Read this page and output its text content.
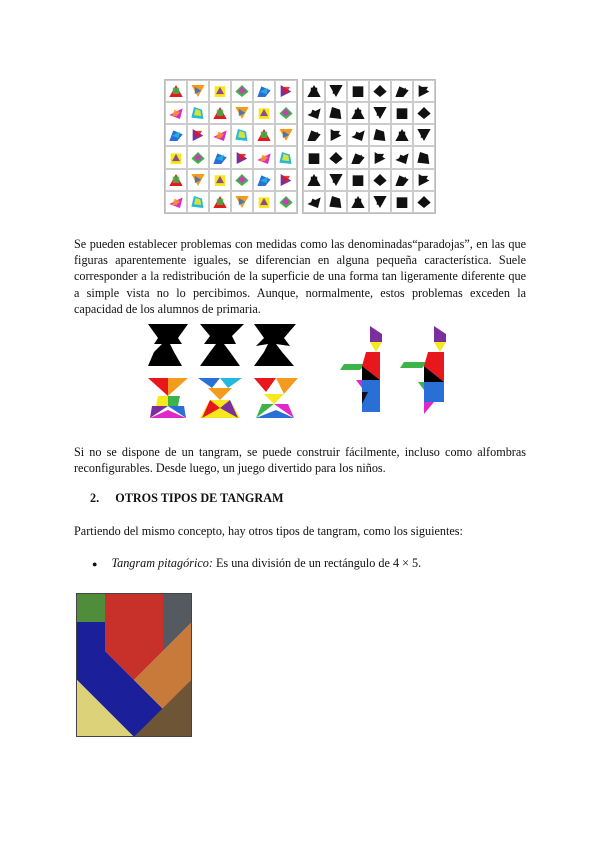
Se pueden establecer problemas con medidas como las denominadas“paradojas”, en las que figuras aparentemente iguales, se diferencian en alguna pequeña característica. Suele corresponder a la redistribución de la superficie de una forma tan ligeramente diferente que a simple vista no lo percibimos. Aunque, normalmente, estos problemas exceden la capacidad de los alumnos de primaria.

Si no se dispone de un tangram, se puede construir fácilmente, incluso como alfombras reconfigurables. Desde luego, un juego divertido para los niños.

2. OTROS TIPOS DE TANGRAM

Partiendo del mismo concepto, hay otros tipos de tangram, como los siguientes:

● Tangram pitagórico: Es una división de un rectángulo de 4 × 5.
